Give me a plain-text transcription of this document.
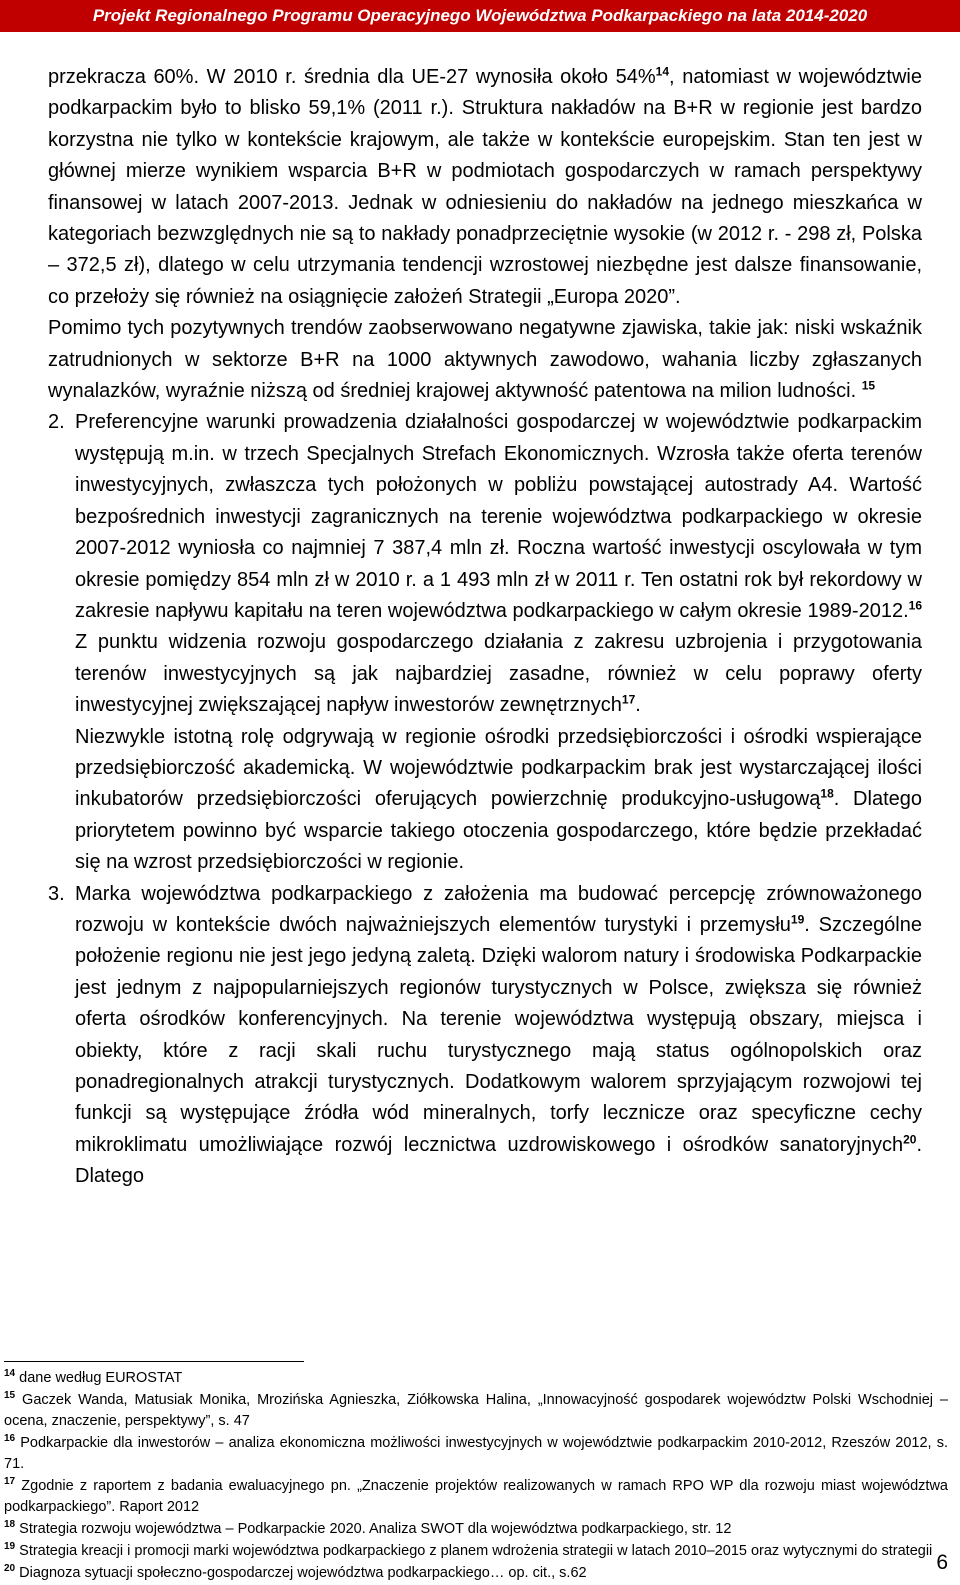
Projekt Regionalnego Programu Operacyjnego Województwa Podkarpackiego na lata 2014-2020

przekracza 60%. W 2010 r. średnia dla UE-27 wynosiła około 54%$^{14}$, natomiast w województwie podkarpackim było to blisko 59,1% (2011 r.). Struktura nakładów na B+R w regionie jest bardzo korzystna nie tylko w kontekście krajowym, ale także w kontekście europejskim. Stan ten jest w głównej mierze wynikiem wsparcia B+R w podmiotach gospodarczych w ramach perspektywy finansowej w latach 2007-2013. Jednak w odniesieniu do nakładów na jednego mieszkańca w kategoriach bezwzględnych nie są to nakłady ponadprzeciętnie wysokie (w 2012 r. - 298 zł, Polska – 372,5 zł), dlatego w celu utrzymania tendencji wzrostowej niezbędne jest dalsze finansowanie, co przełoży się również na osiągnięcie założeń Strategii „Europa 2020”.

Pomimo tych pozytywnych trendów zaobserwowano negatywne zjawiska, takie jak: niski wskaźnik zatrudnionych w sektorze B+R na 1000 aktywnych zawodowo, wahania liczby zgłaszanych wynalazków, wyraźnie niższą od średniej krajowej aktywność patentowa na milion ludności. $^{15}$

2. Preferencyjne warunki prowadzenia działalności gospodarczej w województwie podkarpackim występują m.in. w trzech Specjalnych Strefach Ekonomicznych. Wzrosła także oferta terenów inwestycyjnych, zwłaszcza tych położonych w pobliżu powstającej autostrady A4. Wartość bezpośrednich inwestycji zagranicznych na terenie województwa podkarpackiego w okresie 2007-2012 wyniosła co najmniej 7 387,4 mln zł. Roczna wartość inwestycji oscylowała w tym okresie pomiędzy 854 mln zł w 2010 r. a 1 493 mln zł w 2011 r. Ten ostatni rok był rekordowy w zakresie napływu kapitału na teren województwa podkarpackiego w całym okresie 1989-2012.16 Z punktu widzenia rozwoju gospodarczego działania z zakresu uzbrojenia i przygotowania terenów inwestycyjnych są jak najbardziej zasadne, również w celu poprawy oferty inwestycyjnej zwiększającej napływ inwestorów zewnętrznych$^{17}$.

Niezwykle istotną rolę odgrywają w regionie ośrodki przedsiębiorczości i ośrodki wspierające przedsiębiorczość akademicką. W województwie podkarpackim brak jest wystarczającej ilości inkubatorów przedsiębiorczości oferujących powierzchnię produkcyjno-usługową$^{18}$. Dlatego priorytetem powinno być wsparcie takiego otoczenia gospodarczego, które będzie przekładać się na wzrost przedsiębiorczości w regionie.

3. Marka województwa podkarpackiego z założenia ma budować percepcję zrównoważonego rozwoju w kontekście dwóch najważniejszych elementów turystyki i przemysłu$^{19}$. Szczególne położenie regionu nie jest jego jedyną zaletą. Dzięki walorom natury i środowiska Podkarpackie jest jednym z najpopularniejszych regionów turystycznych w Polsce, zwiększa się również oferta ośrodków konferencyjnych. Na terenie województwa występują obszary, miejsca i obiekty, które z racji skali ruchu turystycznego mają status ogólnopolskich oraz ponadregionalnych atrakcji turystycznych. Dodatkowym walorem sprzyjającym rozwojowi tej funkcji są występujące źródła wód mineralnych, torfy lecznicze oraz specyficzne cechy mikroklimatu umożliwiające rozwój lecznictwa uzdrowiskowego i ośrodków sanatoryjnych$^{20}$. Dlatego

$^{14}$ dane według EUROSTAT

$^{15}$ Gaczek Wanda, Matusiak Monika, Mrozińska Agnieszka, Ziółkowska Halina, „Innowacyjność gospodarek województw Polski Wschodniej – ocena, znaczenie, perspektywy”, s. 47

$^{16}$ Podkarpackie dla inwestorów – analiza ekonomiczna możliwości inwestycyjnych w województwie podkarpackim 2010-2012, Rzeszów 2012, s. 71.

$^{17}$ Zgodnie z raportem z badania ewaluacyjnego pn. „Znaczenie projektów realizowanych w ramach RPO WP dla rozwoju miast województwa podkarpackiego”. Raport 2012

$^{18}$ Strategia rozwoju województwa – Podkarpackie 2020. Analiza SWOT dla województwa podkarpackiego, str. 12

$^{19}$ Strategia kreacji i promocji marki województwa podkarpackiego z planem wdrożenia strategii w latach 2010–2015 oraz wytycznymi do strategii

$^{20}$ Diagnoza sytuacji społeczno-gospodarczej województwa podkarpackiego… op. cit., s.62	6
